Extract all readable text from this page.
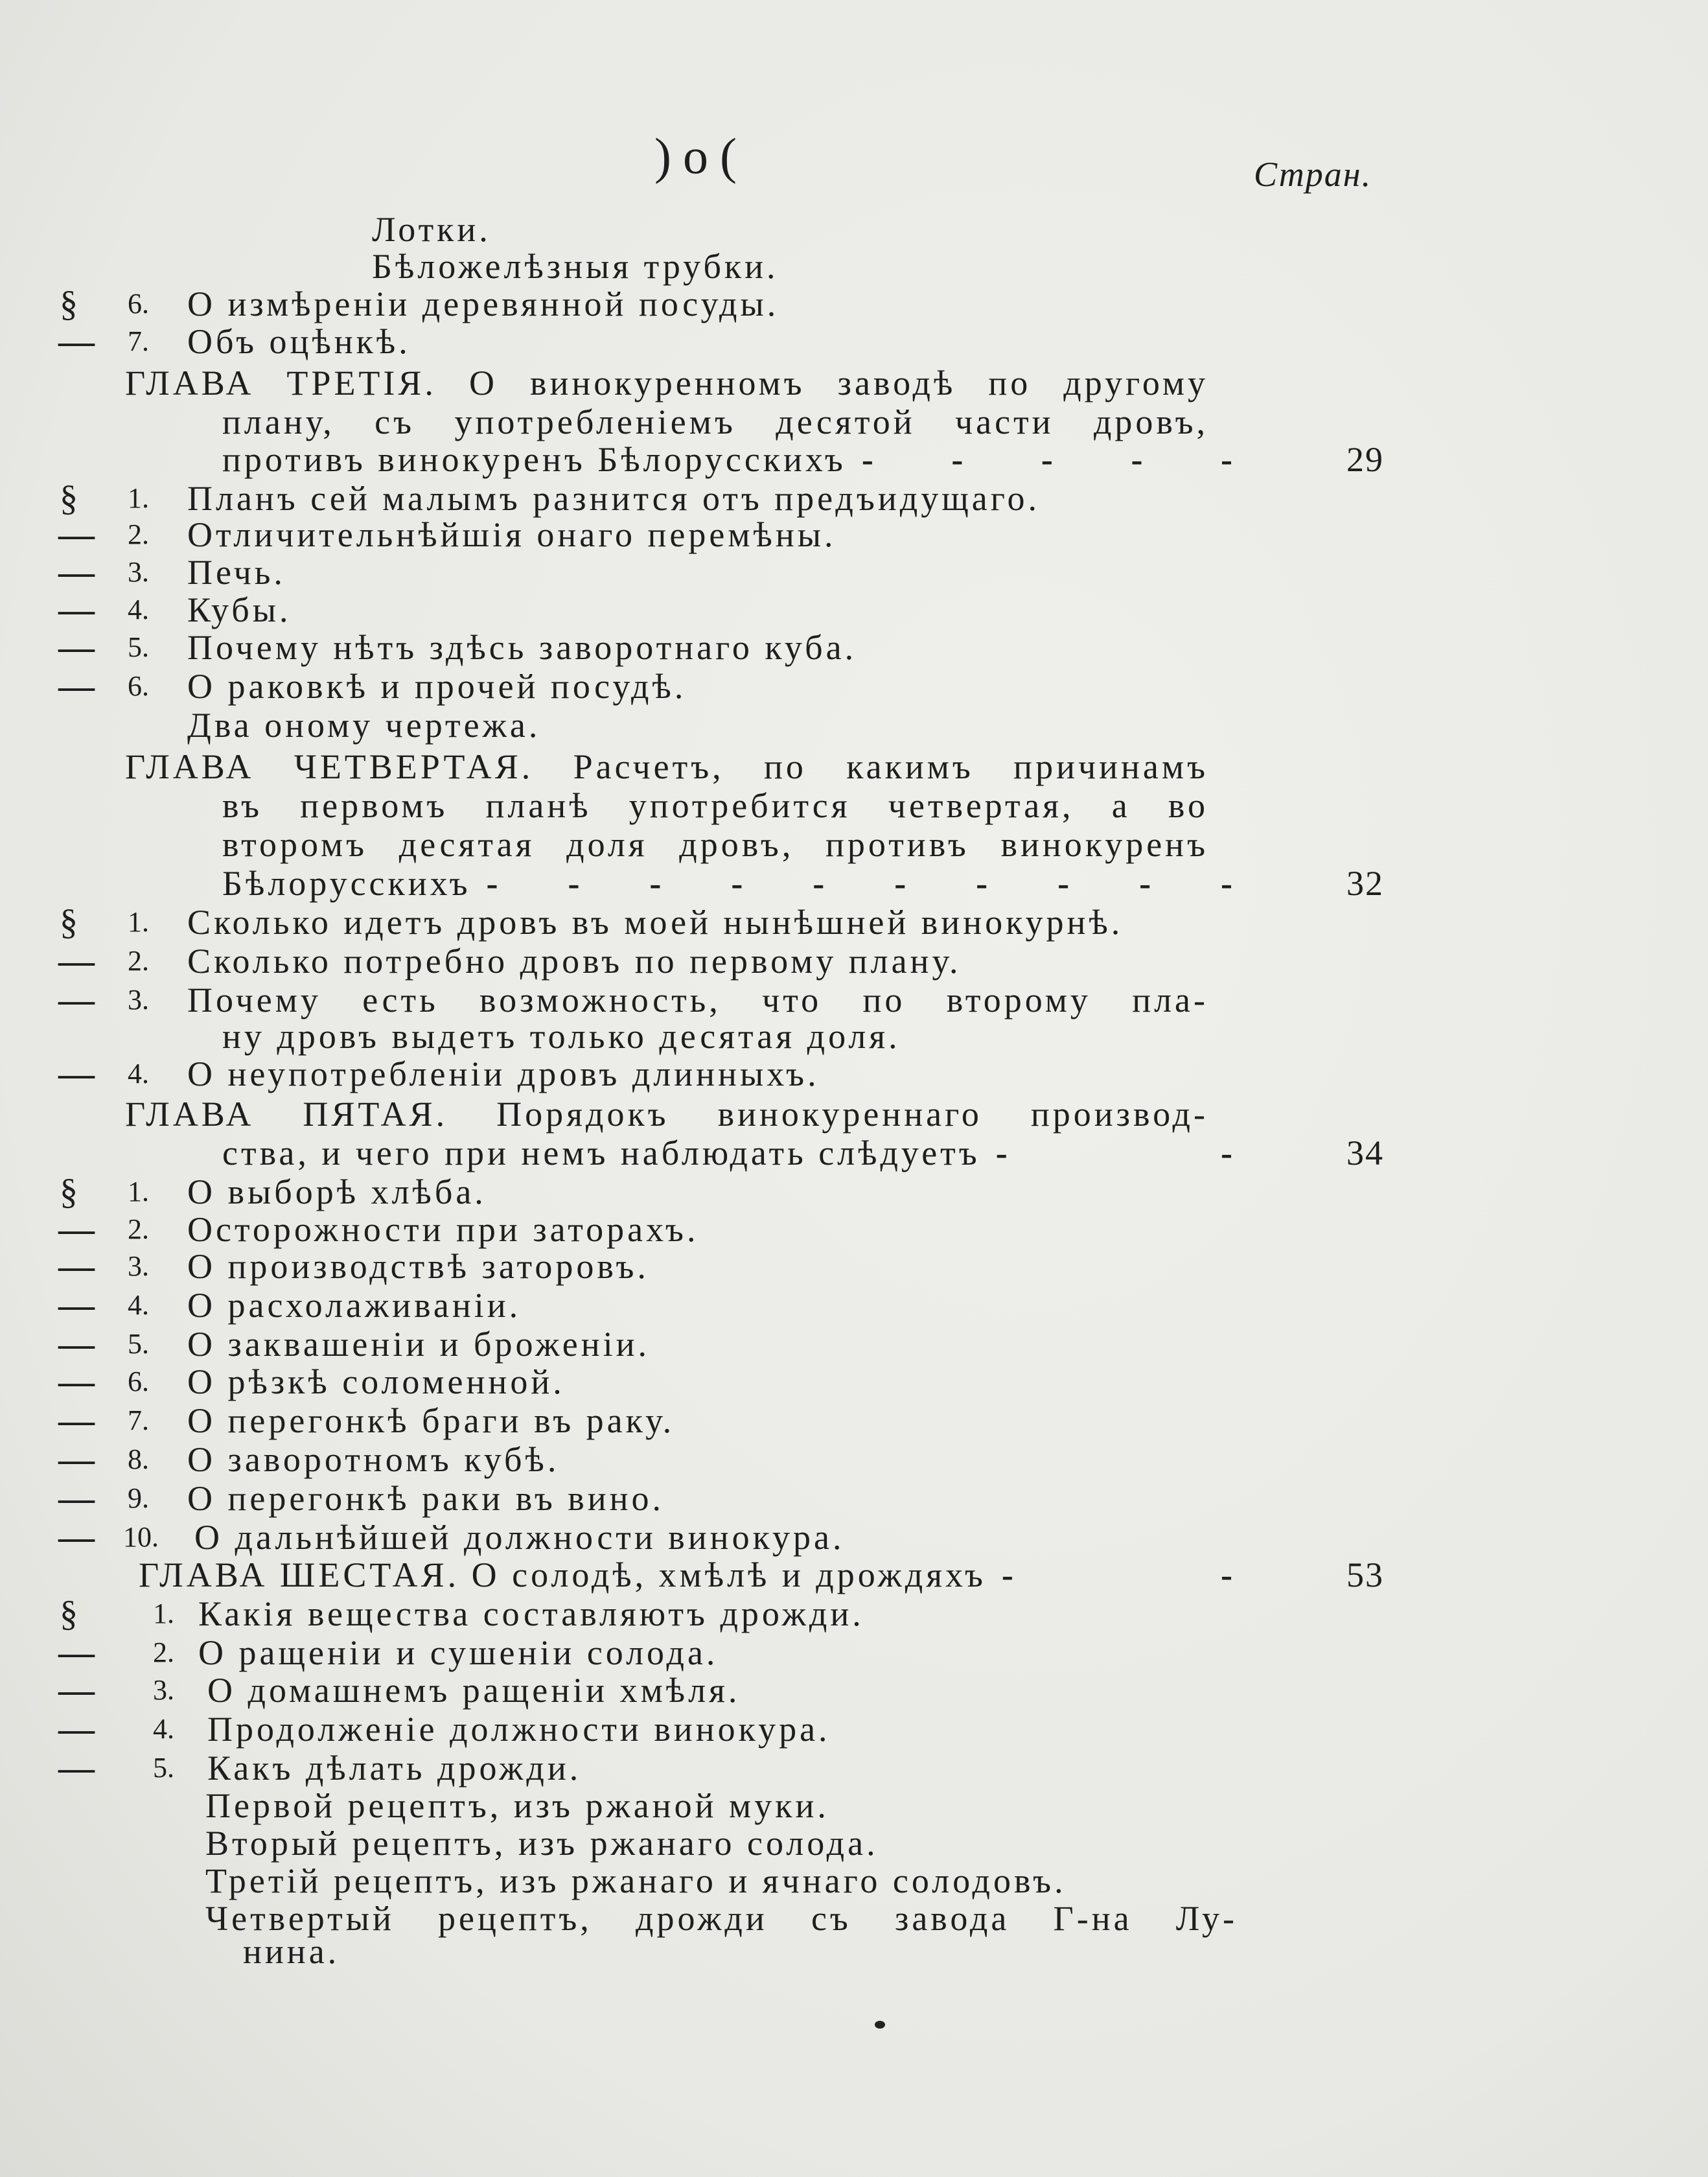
)o(	Стран.
Лотки.
Бѣложелѣзныя трубки.
§ 6. О измѣреніи деревянной посуды.
— 7. Объ оцѣнкѣ.
ГЛАВА ТРЕТІЯ. О винокуренномъ заводѣ по другому
плану, съ употребленіемъ десятой части дровъ,
противъ винокуренъ Бѣлорусскихъ - - - - -	29
§ 1. Планъ сей малымъ разнится отъ предъидущаго.
— 2. Отличительнѣйшія онаго перемѣны.
— 3. Печь.
— 4. Кубы.
— 5. Почему нѣтъ здѣсь заворотнаго куба.
— 6. О раковкѣ и прочей посудѣ.
Два оному чертежа.
ГЛАВА ЧЕТВЕРТАЯ. Расчетъ, по какимъ причинамъ
въ первомъ планѣ употребится четвертая, а во
второмъ десятая доля дровъ, противъ винокуренъ
Бѣлорусскихъ - - - - - - - - - -	32
§ 1. Сколько идетъ дровъ въ моей нынѣшней винокурнѣ.
— 2. Сколько потребно дровъ по первому плану.
— 3. Почему есть возможность, что по второму пла-
ну дровъ выдетъ только десятая доля.
— 4. О неупотребленіи дровъ длинныхъ.
ГЛАВА ПЯТАЯ. Порядокъ винокуреннаго производ-
ства, и чего при немъ наблюдать слѣдуетъ - -	34
§ 1. О выборѣ хлѣба.
— 2. Осторожности при заторахъ.
— 3. О производствѣ заторовъ.
— 4. О расхолаживаніи.
— 5. О заквашеніи и броженіи.
— 6. О рѣзкѣ соломенной.
— 7. О перегонкѣ браги въ раку.
— 8. О заворотномъ кубѣ.
— 9. О перегонкѣ раки въ вино.
— 10. О дальнѣйшей должности винокура.
ГЛАВА ШЕСТАЯ. О солодѣ, хмѣлѣ и дрождяхъ - -	53
§	1. Какія вещества составляютъ дрожди.
— 2. О ращеніи и сушеніи солода.
— 3. О домашнемъ ращеніи хмѣля.
— 4. Продолженіе должности винокура.
— 5. Какъ дѣлать дрожди.
Первой рецептъ, изъ ржаной муки.
Вторый рецептъ, изъ ржанаго солода.
Третій рецептъ, изъ ржанаго и ячнаго солодовъ.
Четвертый рецептъ, дрожди съ завода Г-на Лу-
нина.
